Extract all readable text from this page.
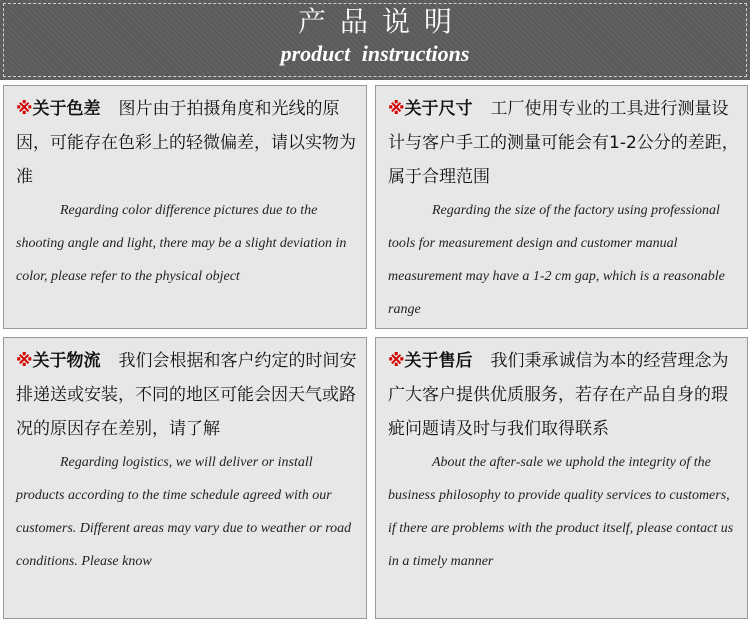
产品说明
product instructions

※关于色差 图片由于拍摄角度和光线的原因，可能存在色彩上的轻微偏差，请以实物为准

Regarding color difference pictures due to the shooting angle and light, there may be a slight deviation in color, please refer to the physical object

※关于尺寸 工厂使用专业的工具进行测量设计与客户手工的测量可能会有1-2公分的差距，属于合理范围

Regarding the size of the factory using professional tools for measurement design and customer manual measurement may have a 1-2 cm gap, which is a reasonable range

※关于物流 我们会根据和客户约定的时间安排递送或安装，不同的地区可能会因天气或路况的原因存在差别，请了解

Regarding logistics, we will deliver or install products according to the time schedule agreed with our customers. Different areas may vary due to weather or road conditions. Please know

※关于售后 我们秉承诚信为本的经营理念为广大客户提供优质服务，若存在产品自身的瑕疵问题请及时与我们取得联系

About the after-sale we uphold the integrity of the business philosophy to provide quality services to customers, if there are problems with the product itself, please contact us in a timely manner
